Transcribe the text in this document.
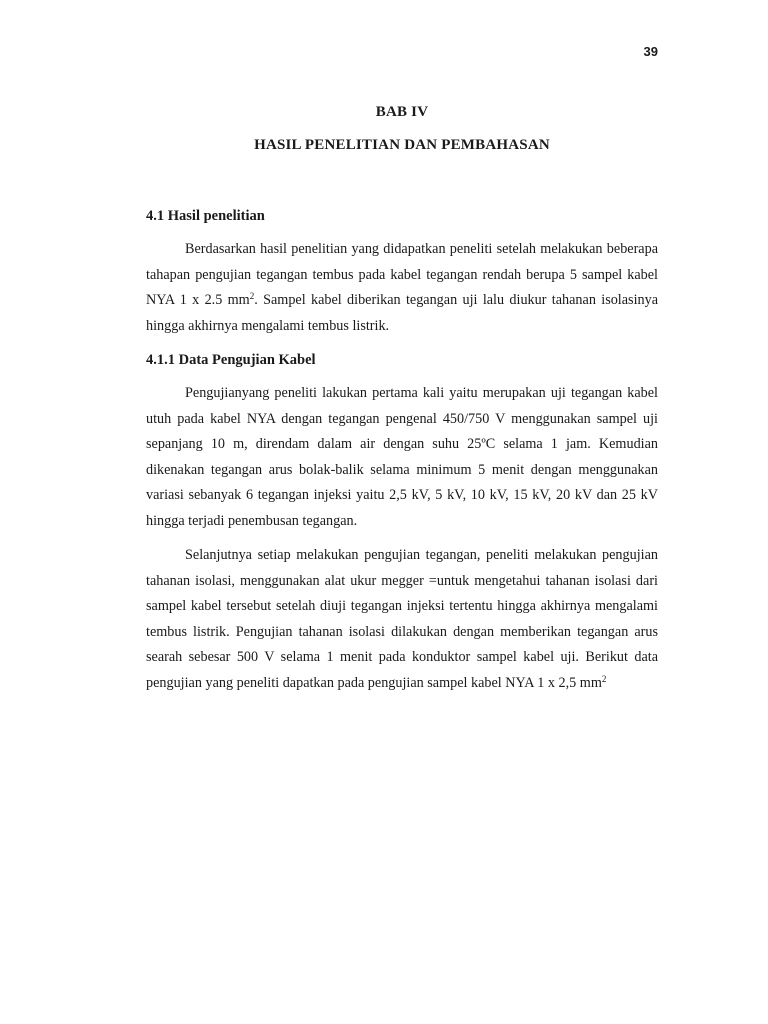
39
BAB IV
HASIL PENELITIAN DAN PEMBAHASAN
4.1 Hasil penelitian

Berdasarkan hasil penelitian yang didapatkan peneliti setelah melakukan beberapa tahapan pengujian tegangan tembus pada kabel tegangan rendah berupa 5 sampel kabel NYA 1 x 2.5 $mm^2$. Sampel kabel diberikan tegangan uji lalu diukur tahanan isolasinya hingga akhirnya mengalami tembus listrik.

4.1.1 Data Pengujian Kabel

Pengujianyang peneliti lakukan pertama kali yaitu merupakan uji tegangan kabel utuh pada kabel NYA dengan tegangan pengenal 450/750 V menggunakan sampel uji sepanjang 10 m, direndam dalam air dengan suhu 25ºC selama 1 jam. Kemudian dikenakan tegangan arus bolak-balik selama minimum 5 menit dengan menggunakan variasi sebanyak 6 tegangan injeksi yaitu 2,5 kV, 5 kV, 10 kV, 15 kV, 20 kV dan 25 kV hingga terjadi penembusan tegangan.

Selanjutnya setiap melakukan pengujian tegangan, peneliti melakukan pengujian tahanan isolasi, menggunakan alat ukur megger =untuk mengetahui tahanan isolasi dari sampel kabel tersebut setelah diuji tegangan injeksi tertentu hingga akhirnya mengalami tembus listrik. Pengujian tahanan isolasi dilakukan dengan memberikan tegangan arus searah sebesar 500 V selama 1 menit pada konduktor sampel kabel uji. Berikut data pengujian yang peneliti dapatkan pada pengujian sampel kabel NYA 1 x 2,5 $mm^2$
